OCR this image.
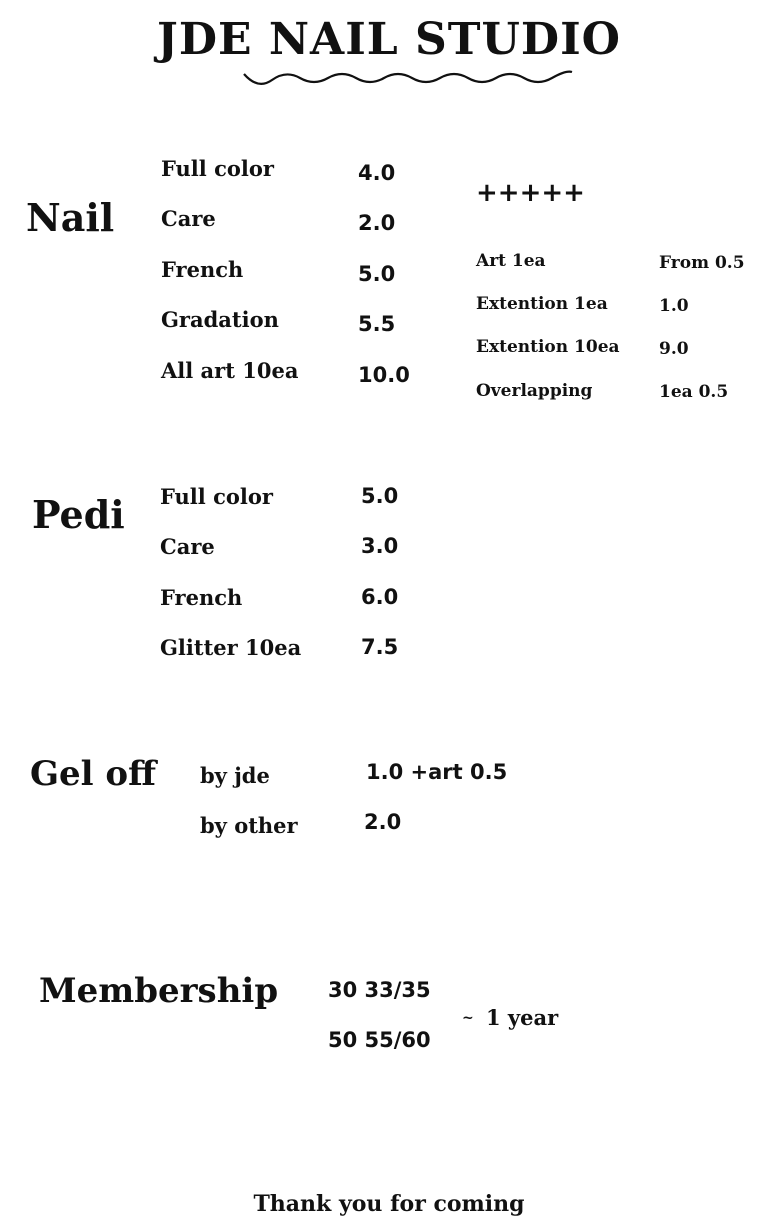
JDE NAIL STUDIO
Nail
Full color	4.0
Care	2.0
French	5.0
Gradation	5.5
All art 10ea	10.0
+++++
Art 1ea	From 0.5
Extention 1ea	1.0
Extention 10ea 9.0
Overlapping	1ea 0.5
Pedi Full color	5.0
Care	3.0
French	6.0
Glitter 10ea	7.5
Gel off by jde	1.0 +art 0.5
by other	2.0
Membership 30 33/35
50 55/60
~ 1 year
Thank you for coming
